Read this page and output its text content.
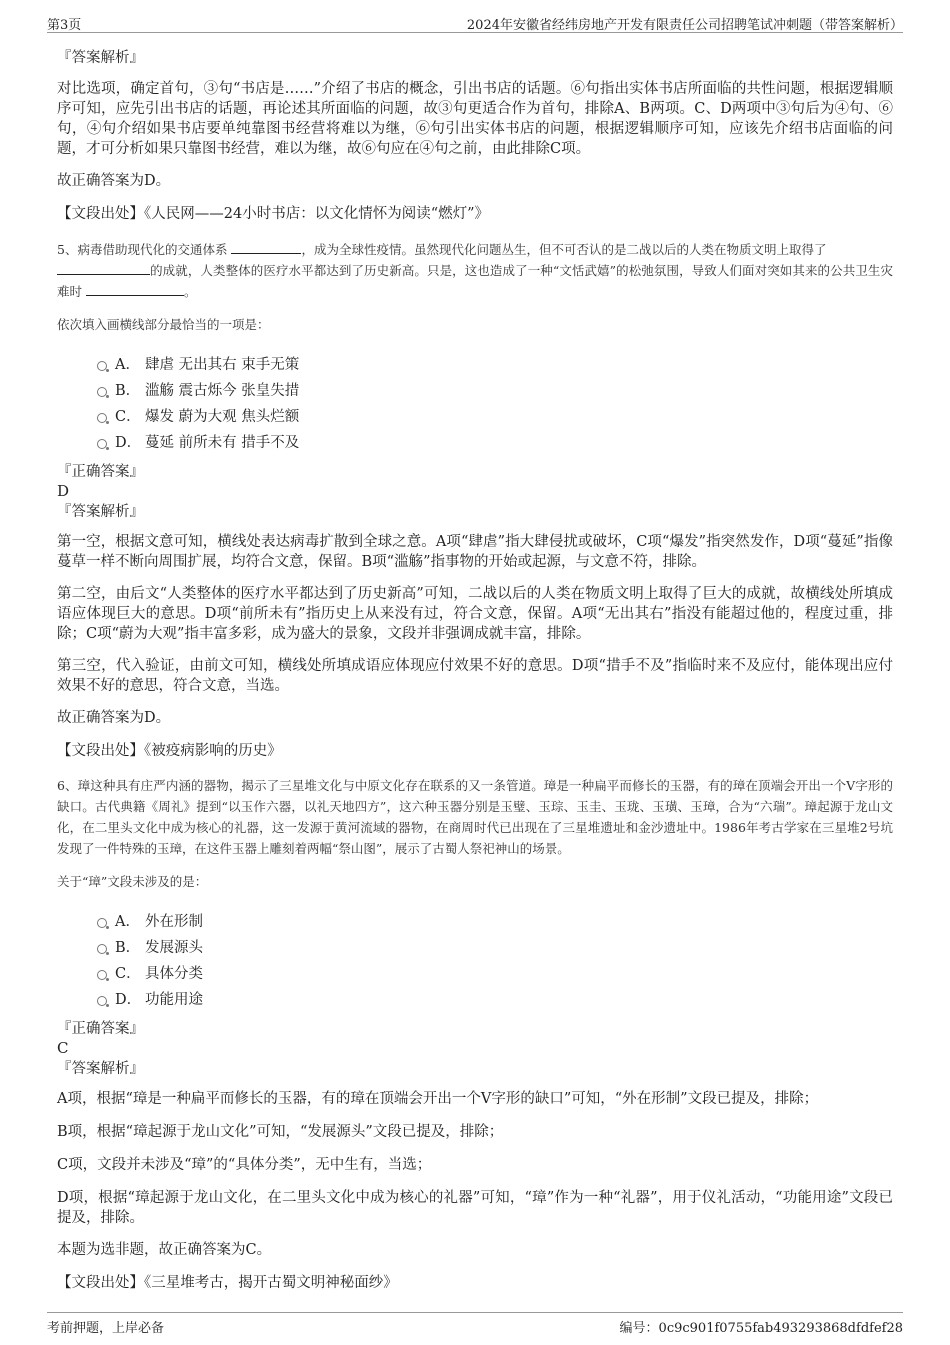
第3页	2024年安徽省经纬房地产开发有限责任公司招聘笔试冲刺题（带答案解析）
『答案解析』

对比选项，确定首句，③句“书店是……”介绍了书店的概念，引出书店的话题。⑥句指出实体书店所面临的共性问题，根据逻辑顺序可知，应先引出书店的话题，再论述其所面临的问题，故③句更适合作为首句，排除A、B两项。C、D两项中③句后为④句、⑥句，④句介绍如果书店要单纯靠图书经营将难以为继，⑥句引出实体书店的问题，根据逻辑顺序可知，应该先介绍书店面临的问题，才可分析如果只靠图书经营，难以为继，故⑥句应在④句之前，由此排除C项。

故正确答案为D。

【文段出处】《人民网——24小时书店：以文化情怀为阅读“燃灯”》

5、病毒借助现代化的交通体系	，成为全球性疫情。虽然现代化问题丛生，但不可否认的是二战以后的人类在物质文明上取得了
的成就，人类整体的医疗水平都达到了历史新高。只是，这也造成了一种“文恬武嬉”的松弛氛围，导致人们面对突如其来的公共卫生灾难时	。

依次填入画横线部分最恰当的一项是：

A． 肆虐 无出其右 束手无策
B． 滥觞 震古烁今 张皇失措
C． 爆发 蔚为大观 焦头烂额
D． 蔓延 前所未有 措手不及
『正确答案』
D
『答案解析』

第一空，根据文意可知，横线处表达病毒扩散到全球之意。A项“肆虐”指大肆侵扰或破坏，C项“爆发”指突然发作，D项“蔓延”指像蔓草一样不断向周围扩展，均符合文意，保留。B项“滥觞”指事物的开始或起源，与文意不符，排除。

第二空，由后文“人类整体的医疗水平都达到了历史新高”可知，二战以后的人类在物质文明上取得了巨大的成就，故横线处所填成语应体现巨大的意思。D项“前所未有”指历史上从来没有过，符合文意，保留。A项“无出其右”指没有能超过他的，程度过重，排除；C项“蔚为大观”指丰富多彩，成为盛大的景象，文段并非强调成就丰富，排除。

第三空，代入验证，由前文可知，横线处所填成语应体现应付效果不好的意思。D项“措手不及”指临时来不及应付，能体现出应付效果不好的意思，符合文意，当选。

故正确答案为D。

【文段出处】《被疫病影响的历史》

6、璋这种具有庄严内涵的器物，揭示了三星堆文化与中原文化存在联系的又一条管道。璋是一种扁平而修长的玉器，有的璋在顶端会开出一个V字形的缺口。古代典籍《周礼》提到“以玉作六器，以礼天地四方”，这六种玉器分别是玉璧、玉琮、玉圭、玉珑、玉璜、玉璋，合为“六瑞”。璋起源于龙山文化，在二里头文化中成为核心的礼器，这一发源于黄河流域的器物，在商周时代已出现在了三星堆遗址和金沙遗址中。1986年考古学家在三星堆2号坑发现了一件特殊的玉璋，在这件玉器上雕刻着两幅“祭山图”，展示了古蜀人祭祀神山的场景。

关于“璋”文段未涉及的是：

A． 外在形制
B． 发展源头
C． 具体分类
D． 功能用途
『正确答案』
C
『答案解析』

A项，根据“璋是一种扁平而修长的玉器，有的璋在顶端会开出一个V字形的缺口”可知，“外在形制”文段已提及，排除；

B项，根据“璋起源于龙山文化”可知，“发展源头”文段已提及，排除；

C项，文段并未涉及“璋”的“具体分类”，无中生有，当选；

D项，根据“璋起源于龙山文化，在二里头文化中成为核心的礼器”可知，“璋”作为一种“礼器”，用于仪礼活动，“功能用途”文段已提及，排除。

本题为选非题，故正确答案为C。

【文段出处】《三星堆考古，揭开古蜀文明神秘面纱》

考前押题，上岸必备	编号：0c9c901f0755fab493293868dfdfef28
